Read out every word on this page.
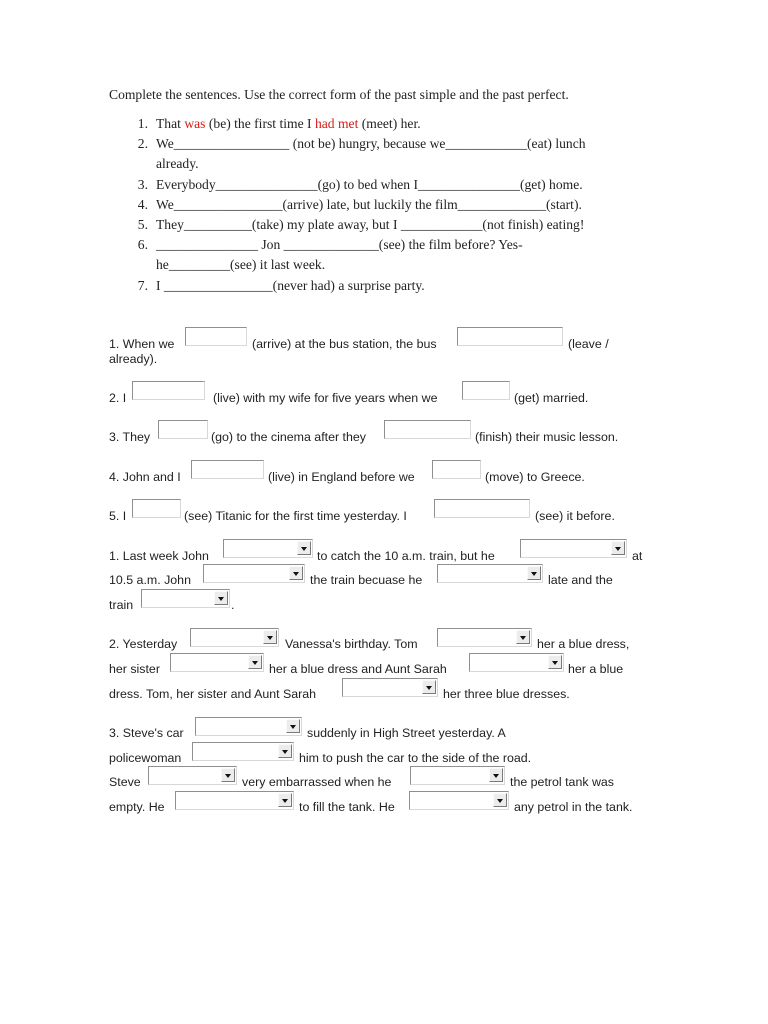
Complete the sentences. Use the correct form of the past simple and the past perfect.
1. That was (be) the first time I had met (meet) her.
2. We_________________ (not be) hungry, because we____________(eat) lunch
already.
3. Everybody_______________(go) to bed when I_______________(get) home.
4. We________________(arrive) late, but luckily the film_____________(start).
5. They__________(take) my plate away, but I ____________(not finish) eating!
6. _______________ Jon ______________(see) the film before? Yes-
he_________(see) it last week.
7. I ________________(never had) a surprise party.
1. When we	(arrive) at the bus station, the bus	(leave /
already).
2. I	(live) with my wife for five years when we	(get) married.
3. They	(go) to the cinema after they	(finish) their music lesson.
4. John and I	(live) in England before we	(move) to Greece.
5. I	(see) Titanic for the first time yesterday. I	(see) it before.
1. Last week John	to catch the 10 a.m. train, but he	at
10.5 a.m. John	the train becuase he	late and the
train	.
2. Yesterday	Vanessa's birthday. Tom	her a blue dress,
her sister	her a blue dress and Aunt Sarah	her a blue
dress. Tom, her sister and Aunt Sarah	her three blue dresses.
3. Steve's car	suddenly in High Street yesterday. A
policewoman	him to push the car to the side of the road.
Steve	very embarrassed when he	the petrol tank was
empty. He	to fill the tank. He	any petrol in the tank.
